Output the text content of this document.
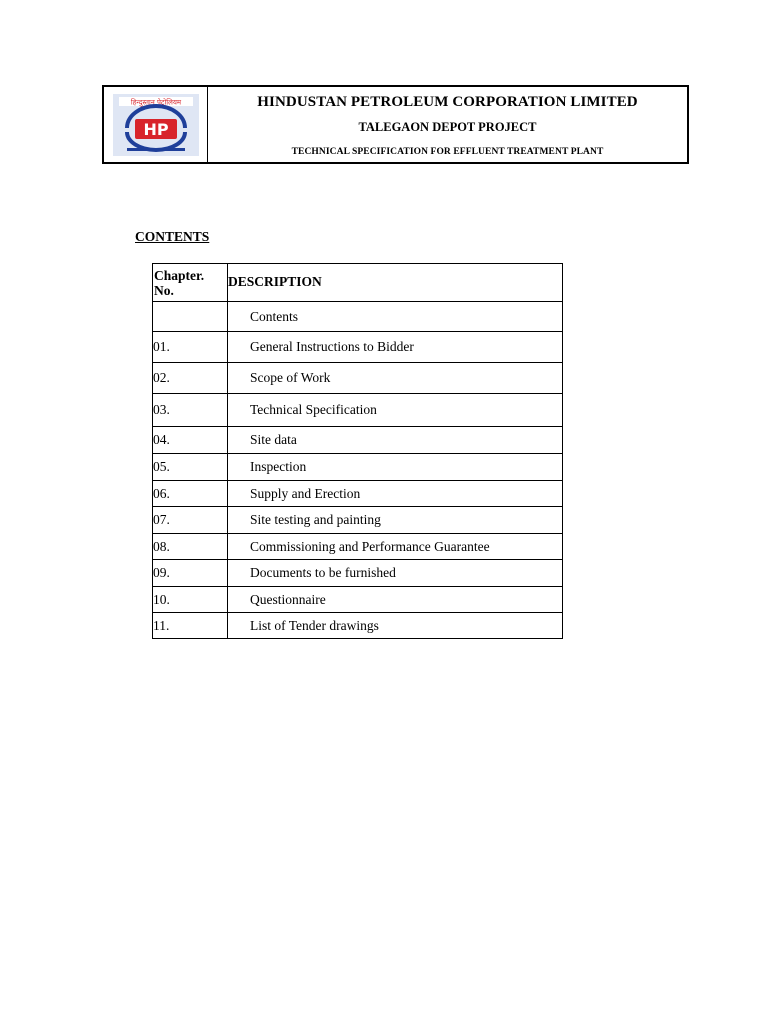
हिन्दुस्तान पेट्रोलियम
HP
HINDUSTAN PETROLEUM CORPORATION LIMITED
TALEGAON DEPOT PROJECT
TECHNICAL SPECIFICATION FOR EFFLUENT TREATMENT PLANT
CONTENTS
Chapter.
No.	DESCRIPTION
	Contents
01.	General Instructions to Bidder
02.	Scope of Work
03.	Technical Specification
04.	Site data
05.	Inspection
06.	Supply and Erection
07.	Site testing and painting
08.	Commissioning and Performance Guarantee
09.	Documents to be furnished
10.	Questionnaire
11.	List of Tender drawings
